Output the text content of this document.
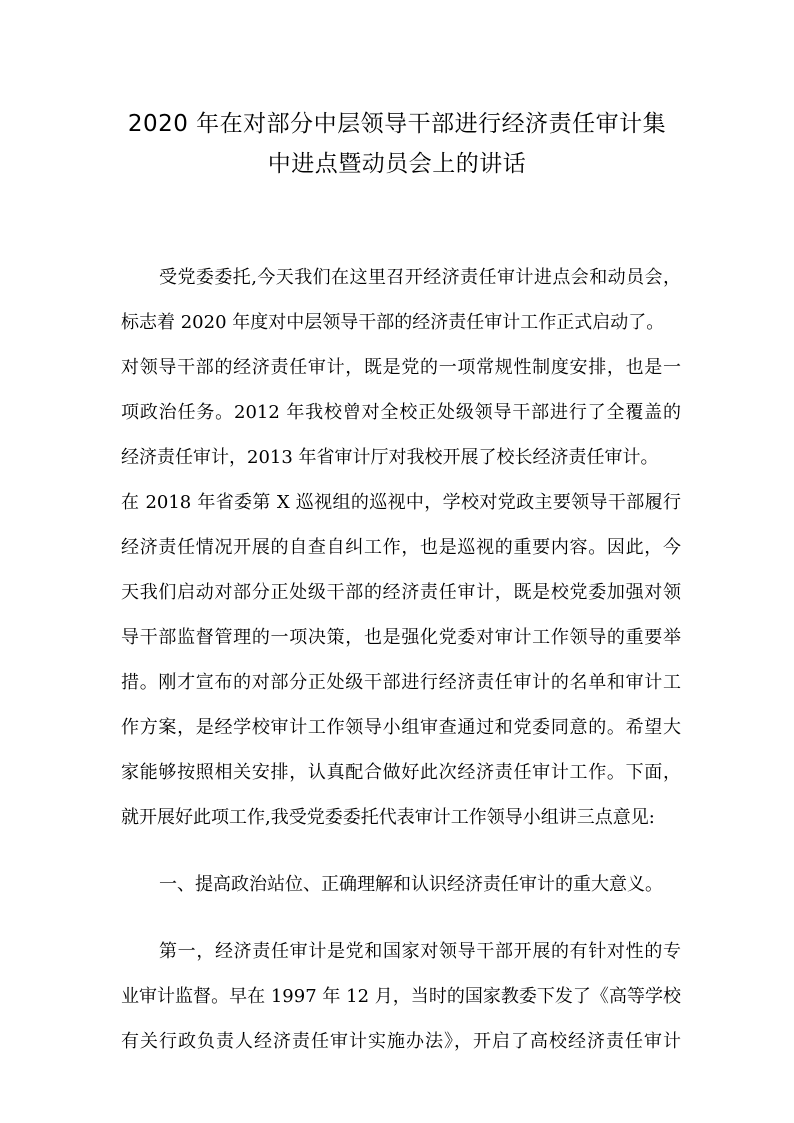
2020 年在对部分中层领导干部进行经济责任审计集
中进点暨动员会上的讲话
受党委委托,今天我们在这里召开经济责任审计进点会和动员会，
标志着 2020 年度对中层领导干部的经济责任审计工作正式启动了。
对领导干部的经济责任审计，既是党的一项常规性制度安排，也是一
项政治任务。2012 年我校曾对全校正处级领导干部进行了全覆盖的
经济责任审计，2013 年省审计厅对我校开展了校长经济责任审计。
在 2018 年省委第 X 巡视组的巡视中，学校对党政主要领导干部履行
经济责任情况开展的自查自纠工作，也是巡视的重要内容。因此，今
天我们启动对部分正处级干部的经济责任审计，既是校党委加强对领
导干部监督管理的一项决策，也是强化党委对审计工作领导的重要举
措。刚才宣布的对部分正处级干部进行经济责任审计的名单和审计工
作方案，是经学校审计工作领导小组审查通过和党委同意的。希望大
家能够按照相关安排，认真配合做好此次经济责任审计工作。下面，
就开展好此项工作,我受党委委托代表审计工作领导小组讲三点意见:
一、提高政治站位、正确理解和认识经济责任审计的重大意义。
第一，经济责任审计是党和国家对领导干部开展的有针对性的专
业审计监督。早在 1997 年 12 月，当时的国家教委下发了《高等学校
有关行政负责人经济责任审计实施办法》，开启了高校经济责任审计
